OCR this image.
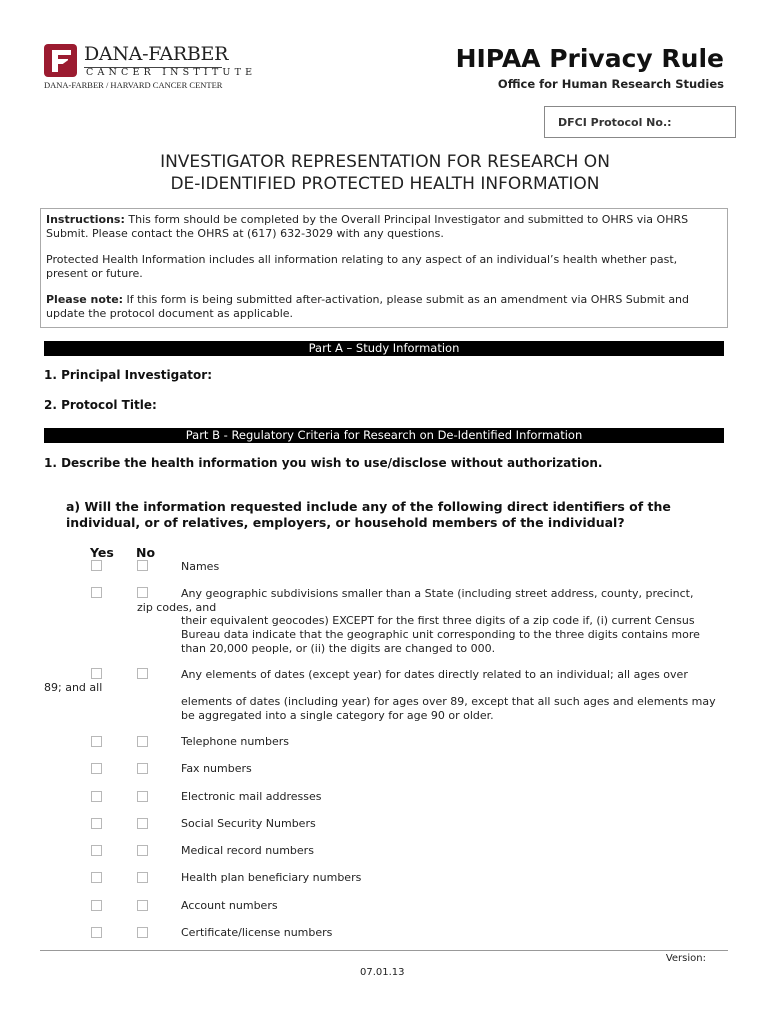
DANA-FARBER
CANCER INSTITUTE
DANA-FARBER / HARVARD CANCER CENTER
HIPAA Privacy Rule
Office for Human Research Studies
DFCI Protocol No.:
INVESTIGATOR REPRESENTATION FOR RESEARCH ON
DE-IDENTIFIED PROTECTED HEALTH INFORMATION

Instructions: This form should be completed by the Overall Principal Investigator and submitted to OHRS via OHRS Submit. Please contact the OHRS at (617) 632-3029 with any questions.

Protected Health Information includes all information relating to any aspect of an individual’s health whether past, present or future.

Please note: If this form is being submitted after-activation, please submit as an amendment via OHRS Submit and update the protocol document as applicable.

Part A – Study Information
1. Principal Investigator:
2. Protocol Title:
Part B - Regulatory Criteria for Research on De-Identified Information
1. Describe the health information you wish to use/disclose without authorization.
a) Will the information requested include any of the following direct identifiers of the individual, or of relatives, employers, or household members of the individual?
Yes No
Names
Any geographic subdivisions smaller than a State (including street address, county, precinct,
zip codes, and
their equivalent geocodes) EXCEPT for the first three digits of a zip code if, (i) current Census Bureau data indicate that the geographic unit corresponding to the three digits contains more than 20,000 people, or (ii) the digits are changed to 000.
Any elements of dates (except year) for dates directly related to an individual; all ages over
89; and all
elements of dates (including year) for ages over 89, except that all such ages and elements may be aggregated into a single category for age 90 or older.
Telephone numbers
Fax numbers
Electronic mail addresses
Social Security Numbers
Medical record numbers
Health plan beneficiary numbers
Account numbers
Certificate/license numbers
Version:
07.01.13
